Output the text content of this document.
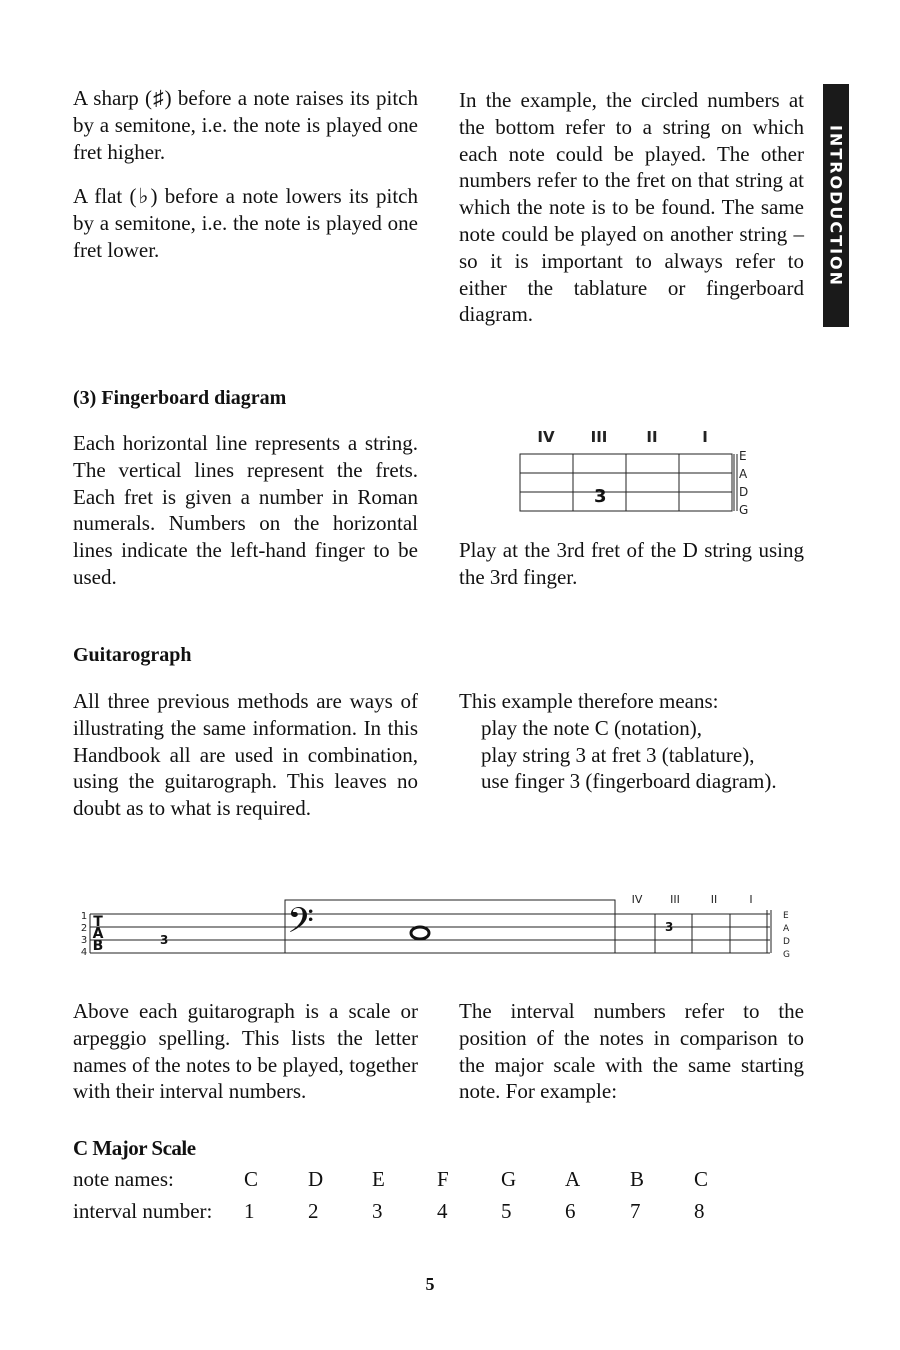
INTRODUCTION

A sharp (♯) before a note raises its pitch by a semitone, i.e. the note is played one fret higher.

A flat (♭) before a note lowers its pitch by a semitone, i.e. the note is played one fret lower.

In the example, the circled numbers at the bottom refer to a string on which each note could be played. The other numbers refer to the fret on that string at which the note is to be found. The same note could be played on another string – so it is important to always refer to either the tablature or fingerboard diagram.

(3) Fingerboard diagram

Each horizontal line represents a string. The vertical lines represent the frets. Each fret is given a number in Roman numerals. Numbers on the horizontal lines indicate the left-hand finger to be used.

IV III	II	I
3
E
A
D
G

Play at the 3rd fret of the D string using the 3rd finger.

Guitarograph

All three previous methods are ways of illustrating the same information. In this Handbook all are used in combination, using the guitarograph. This leaves no doubt as to what is required.

This example therefore means:

play the note C (notation),

play string 3 at fret 3 (tablature),

use finger 3 (fingerboard diagram).

1
2
3
4
T
A
B	3	𝄢
IV	III	II	I
3
E
A
D
G

Above each guitarograph is a scale or arpeggio spelling. This lists the letter names of the notes to be played, together with their interval numbers.

The interval numbers refer to the position of the notes in comparison to the major scale with the same starting note. For example:

C Major Scale
note names:	C D E F G A B C
interval number: 1	2	3	4	5	6	7	8
5
